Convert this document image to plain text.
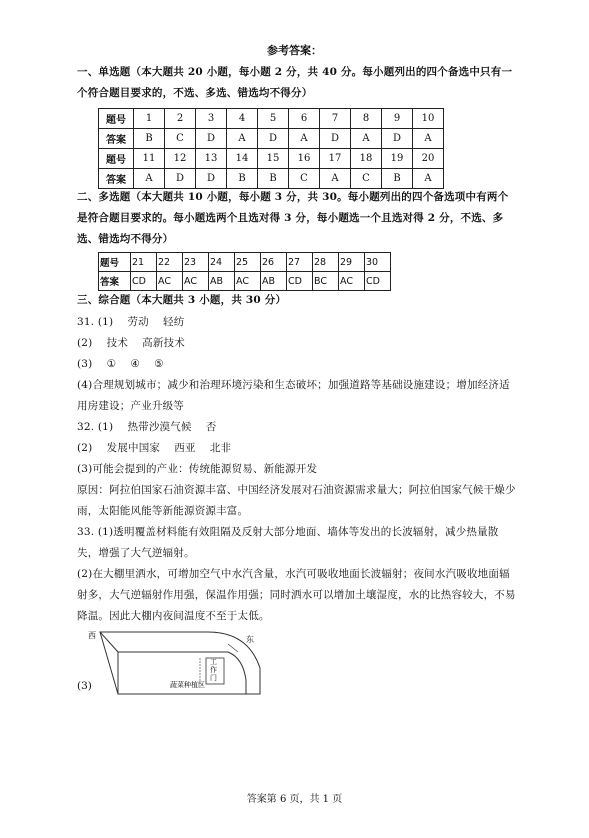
参考答案：
一、单选题（本大题共 20 小题，每小题 2 分，共 40 分。每小题列出的四个备选中只有一个符合题目要求的，不选、多选、错选均不得分）
题号	1	2	3	4	5	6	7	8	9	10
答案	B	C	D	A	D	A	D	A	D	A
题号	11	12	13	14	15	16	17	18	19	20
答案	A	D	D	B	B	C	A	C	B	A
二、多选题（本大题共 10 小题，每小题 3 分，共 30。每小题列出的四个备选项中有两个是符合题目要求的。每小题选两个且选对得 3 分，每小题选一个且选对得 2 分，不选、多选、错选均不得分）
题号	21	22	23	24	25	26	27	28	29	30
答案	CD	AC	AC	AB	AC	AB	CD	BC	AC	CD
三、综合题（本大题共 3 小题，共 30 分）
31. (1)    劳动    轻纺
(2)    技术    高新技术
(3)    ①    ④    ⑤
(4)合理规划城市；减少和治理环境污染和生态破坏；加强道路等基础设施建设；增加经济适用房建设；产业升级等
32. (1)    热带沙漠气候    否
(2)    发展中国家    西亚    北非
(3)可能会提到的产业：传统能源贸易、新能源开发
原因：阿拉伯国家石油资源丰富、中国经济发展对石油资源需求量大；阿拉伯国家气候干燥少雨，太阳能风能等新能源资源丰富。
33. (1)透明覆盖材料能有效阻隔及反射大部分地面、墙体等发出的长波辐射，减少热量散失，增强了大气逆辐射。
(2)在大棚里洒水，可增加空气中水汽含量，水汽可吸收地面长波辐射；夜间水汽吸收地面辐射多，大气逆辐射作用强，保温作用强；同时洒水可以增加土壤湿度，水的比热容较大，不易降温。因此大棚内夜间温度不至于太低。
西	东
工作门
蔬菜种植区
(3)
答案第 6 页，共 1 页
